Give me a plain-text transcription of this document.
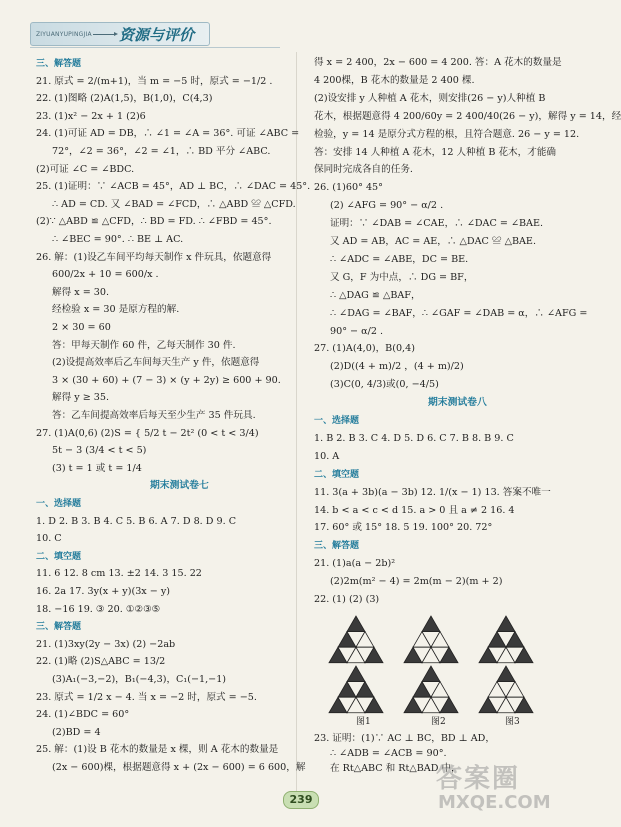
ZIYUANYUPINGJIA 资源与评价
三、解答题
21. 原式 = 2/(m+1)，当 m = −5 时，原式 = −1/2 .
22. (1)图略 (2)A(1,5)，B(1,0)，C(4,3)
23. (1)x² − 2x + 1 (2)6
24. (1)可证 AD = DB，∴ ∠1 = ∠A = 36°. 可证 ∠ABC =
72°，∠2 = 36°，∠2 = ∠1，∴ BD 平分 ∠ABC.
(2)可证 ∠C = ∠BDC.
25. (1)证明：∵ ∠ACB = 45°，AD ⊥ BC，∴ ∠DAC = 45°.
∴ AD = CD. 又 ∠BAD = ∠FCD，∴ △ABD ≌ △CFD.
(2)∵ △ABD ≌ △CFD，∴ BD = FD. ∴ ∠FBD = 45°.
∴ ∠BEC = 90°. ∴ BE ⊥ AC.
26. 解：(1)设乙车间平均每天制作 x 件玩具，依题意得
600/2x + 10 = 600/x .
解得 x = 30.
经检验 x = 30 是原方程的解.
2 × 30 = 60
答：甲每天制作 60 件，乙每天制作 30 件.
(2)设提高效率后乙车间每天生产 y 件，依题意得
3 × (30 + 60) + (7 − 3) × (y + 2y) ≥ 600 + 90.
解得 y ≥ 35.
答：乙车间提高效率后每天至少生产 35 件玩具.
27. (1)A(0,6) (2)S = { 5/2 t − 2t² (0 < t < 3/4)
5t − 3 (3/4 < t < 5)
(3) t = 1 或 t = 1/4
期末测试卷七
一、选择题
1. D 2. B 3. B 4. C 5. B 6. A 7. D 8. D 9. C
10. C
二、填空题
11. 6 12. 8 cm 13. ±2 14. 3 15. 22
16. 2a 17. 3y(x + y)(3x − y)
18. −16 19. ③ 20. ①②③⑤
三、解答题
21. (1)3xy(2y − 3x) (2) −2ab
22. (1)略 (2)S△ABC = 13/2
(3)A₁(−3,−2)，B₁(−4,3)，C₁(−1,−1)
23. 原式 = 1/2 x − 4. 当 x = −2 时，原式 = −5.
24. (1)∠BDC = 60°
(2)BD = 4
25. 解：(1)设 B 花木的数量是 x 棵，则 A 花木的数量是
(2x − 600)棵，根据题意得 x + (2x − 600) = 6 600，解
得 x = 2 400，2x − 600 = 4 200. 答：A 花木的数量是
4 200棵，B 花木的数量是 2 400 棵.
(2)设安排 y 人种植 A 花木，则安排(26 − y)人种植 B
花木，根据题意得 4 200/60y = 2 400/40(26 − y)，解得 y = 14，经
检验，y = 14 是原分式方程的根，且符合题意. 26 − y = 12.
答：安排 14 人种植 A 花木，12 人种植 B 花木，才能确
保同时完成各自的任务.
26. (1)60° 45°
(2) ∠AFG = 90° − α/2 .
证明：∵ ∠DAB = ∠CAE，∴ ∠DAC = ∠BAE.
又 AD = AB，AC = AE，∴ △DAC ≌ △BAE.
∴ ∠ADC = ∠ABE，DC = BE.
又 G，F 为中点，∴ DG = BF，
∴ △DAG ≌ △BAF，
∴ ∠DAG = ∠BAF，∴ ∠GAF = ∠DAB = α，∴ ∠AFG =
90° − α/2 .
27. (1)A(4,0)，B(0,4)
(2)D((4 + m)/2 ，(4 + m)/2)
(3)C(0, 4/3)或(0, −4/5)
期末测试卷八
一、选择题
1. B 2. B 3. C 4. D 5. D 6. C 7. B 8. B 9. C
10. A
二、填空题
11. 3(a + 3b)(a − 3b) 12. 1/(x − 1) 13. 答案不唯一
14. b < a < c < d 15. a > 0 且 a ≠ 2 16. 4
17. 60° 或 15° 18. 5 19. 100° 20. 72°
三、解答题
21. (1)a(a − 2b)²
(2)2m(m² − 4) = 2m(m − 2)(m + 2)
22. (1) (2) (3)
图1	图2	图3
23. 证明：(1)∵ AC ⊥ BC，BD ⊥ AD，
∴ ∠ADB = ∠ACB = 90°.
在 Rt△ABC 和 Rt△BAD 中，
239
答案圈
MXQE.COM
